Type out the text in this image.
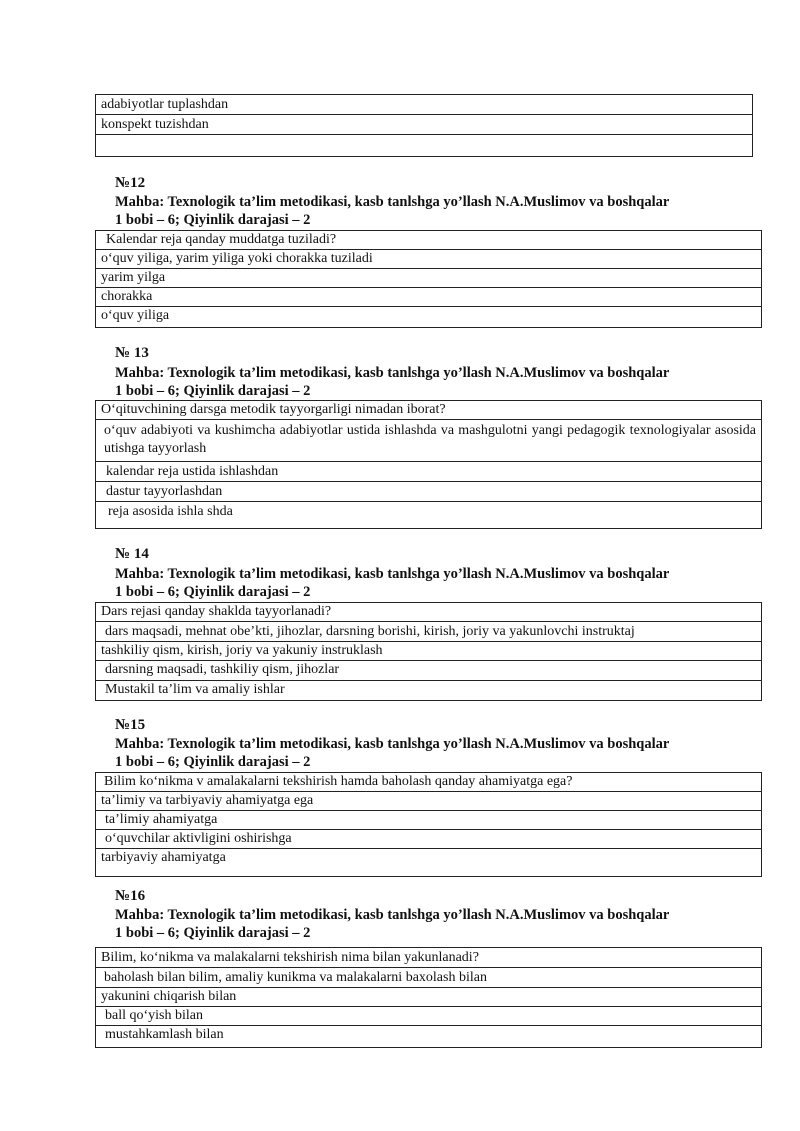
adabiyotlar tuplashdan
konspekt tuzishdan
№12
Mahba: Texnologik ta’lim metodikasi, kasb tanlshga yo’llash N.A.Muslimov va boshqalar
1 bobi – 6; Qiyinlik darajasi – 2
Kalendar reja qanday muddatga tuziladi?
o‘quv yiliga, yarim yiliga yoki chorakka tuziladi
yarim yilga
chorakka
o‘quv yiliga
№ 13
Mahba: Texnologik ta’lim metodikasi, kasb tanlshga yo’llash N.A.Muslimov va boshqalar
1 bobi – 6; Qiyinlik darajasi – 2
O‘qituvchining darsga metodik tayyorgarligi nimadan iborat?
o‘quv adabiyoti va kushimcha adabiyotlar ustida ishlashda va mashgulotni yangi pedagogik texnologiyalar asosida utishga tayyorlash
kalendar reja ustida ishlashdan
dastur tayyorlashdan
reja asosida ishla shda
№ 14
Mahba: Texnologik ta’lim metodikasi, kasb tanlshga yo’llash N.A.Muslimov va boshqalar
1 bobi – 6; Qiyinlik darajasi – 2
Dars rejasi qanday shaklda tayyorlanadi?
dars maqsadi, mehnat obe’kti, jihozlar, darsning borishi, kirish, joriy va yakunlovchi instruktaj
tashkiliy qism, kirish, joriy va yakuniy instruklash
darsning maqsadi, tashkiliy qism, jihozlar
Mustakil ta’lim va amaliy ishlar
№15
Mahba: Texnologik ta’lim metodikasi, kasb tanlshga yo’llash N.A.Muslimov va boshqalar
1 bobi – 6; Qiyinlik darajasi – 2
Bilim ko‘nikma v amalakalarni tekshirish hamda baholash qanday ahamiyatga ega?
ta’limiy va tarbiyaviy ahamiyatga ega
ta’limiy ahamiyatga
o‘quvchilar aktivligini oshirishga
tarbiyaviy ahamiyatga
№16
Mahba: Texnologik ta’lim metodikasi, kasb tanlshga yo’llash N.A.Muslimov va boshqalar
1 bobi – 6; Qiyinlik darajasi – 2
Bilim, ko‘nikma va malakalarni tekshirish nima bilan yakunlanadi?
baholash bilan bilim, amaliy kunikma va malakalarni baxolash bilan
yakunini chiqarish bilan
ball qo‘yish bilan
mustahkamlash bilan
